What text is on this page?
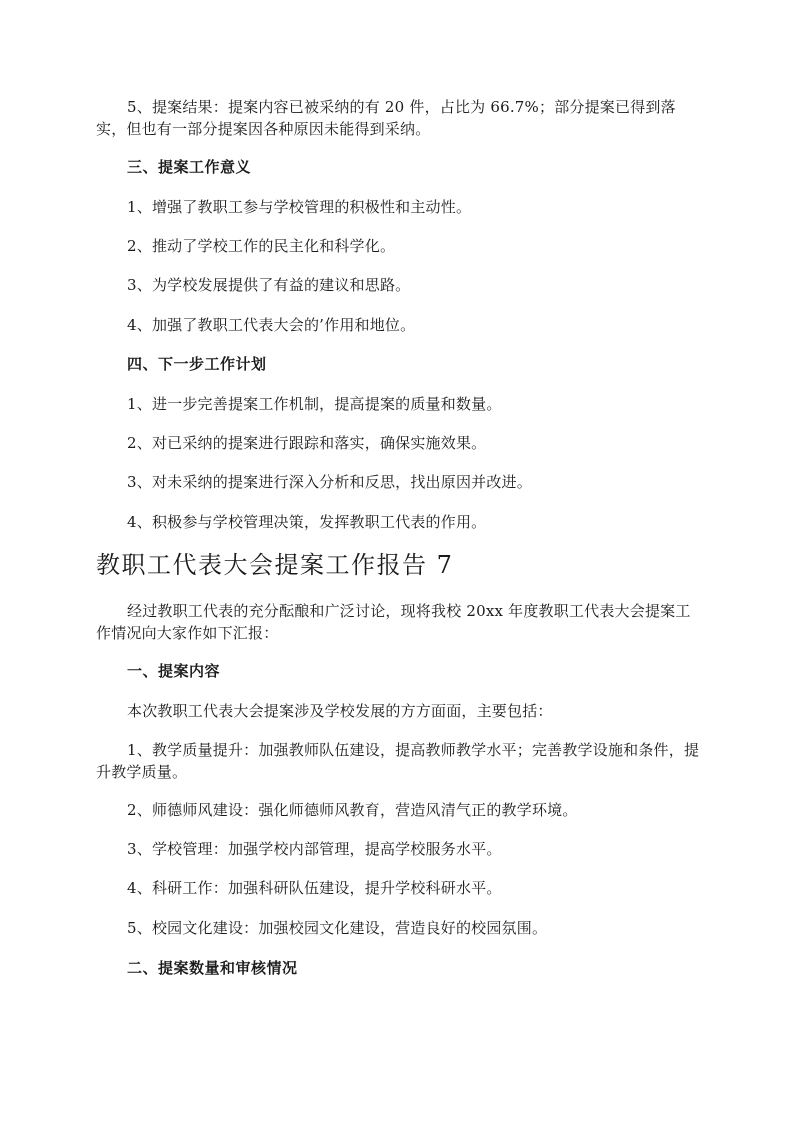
5、提案结果：提案内容已被采纳的有 20 件，占比为 66.7%；部分提案已得到落实，但也有一部分提案因各种原因未能得到采纳。

三、提案工作意义

1、增强了教职工参与学校管理的积极性和主动性。

2、推动了学校工作的民主化和科学化。

3、为学校发展提供了有益的建议和思路。

4、加强了教职工代表大会的’作用和地位。

四、下一步工作计划

1、进一步完善提案工作机制，提高提案的质量和数量。

2、对已采纳的提案进行跟踪和落实，确保实施效果。

3、对未采纳的提案进行深入分析和反思，找出原因并改进。

4、积极参与学校管理决策，发挥教职工代表的作用。

教职工代表大会提案工作报告 7

经过教职工代表的充分酝酿和广泛讨论，现将我校 20xx 年度教职工代表大会提案工作情况向大家作如下汇报：

一、提案内容

本次教职工代表大会提案涉及学校发展的方方面面，主要包括：

1、教学质量提升：加强教师队伍建设，提高教师教学水平；完善教学设施和条件，提升教学质量。

2、师德师风建设：强化师德师风教育，营造风清气正的教学环境。

3、学校管理：加强学校内部管理，提高学校服务水平。

4、科研工作：加强科研队伍建设，提升学校科研水平。

5、校园文化建设：加强校园文化建设，营造良好的校园氛围。

二、提案数量和审核情况
